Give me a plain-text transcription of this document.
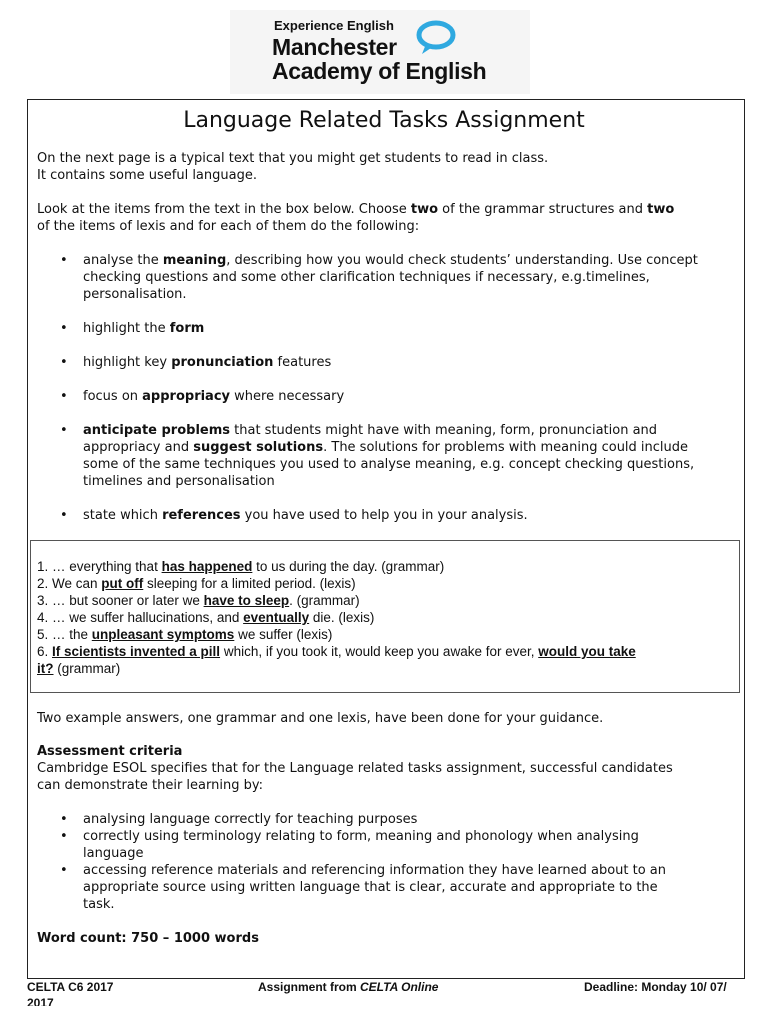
Experience English
Manchester
Academy of English
Language Related Tasks Assignment
On the next page is a typical text that you might get students to read in class.
It contains some useful language.
Look at the items from the text in the box below. Choose two of the grammar structures and two
of the items of lexis and for each of them do the following:
• analyse the meaning, describing how you would check students’ understanding. Use concept
checking questions and some other clarification techniques if necessary, e.g.timelines,
personalisation.
• highlight the form
• highlight key pronunciation features
• focus on appropriacy where necessary
• anticipate problems that students might have with meaning, form, pronunciation and
appropriacy and suggest solutions. The solutions for problems with meaning could include
some of the same techniques you used to analyse meaning, e.g. concept checking questions,
timelines and personalisation
• state which references you have used to help you in your analysis.
1. … everything that has happened to us during the day. (grammar)
2. We can put off sleeping for a limited period. (lexis)
3. … but sooner or later we have to sleep. (grammar)
4. … we suffer hallucinations, and eventually die. (lexis)
5. … the unpleasant symptoms we suffer (lexis)
6. If scientists invented a pill which, if you took it, would keep you awake for ever, would you take
it? (grammar)
Two example answers, one grammar and one lexis, have been done for your guidance.
Assessment criteria
Cambridge ESOL specifies that for the Language related tasks assignment, successful candidates
can demonstrate their learning by:
• analysing language correctly for teaching purposes
• correctly using terminology relating to form, meaning and phonology when analysing
language
• accessing reference materials and referencing information they have learned about to an
appropriate source using written language that is clear, accurate and appropriate to the
task.
Word count: 750 – 1000 words
CELTA C6 2017	Assignment from CELTA Online	Deadline: Monday 10/ 07/
2017
